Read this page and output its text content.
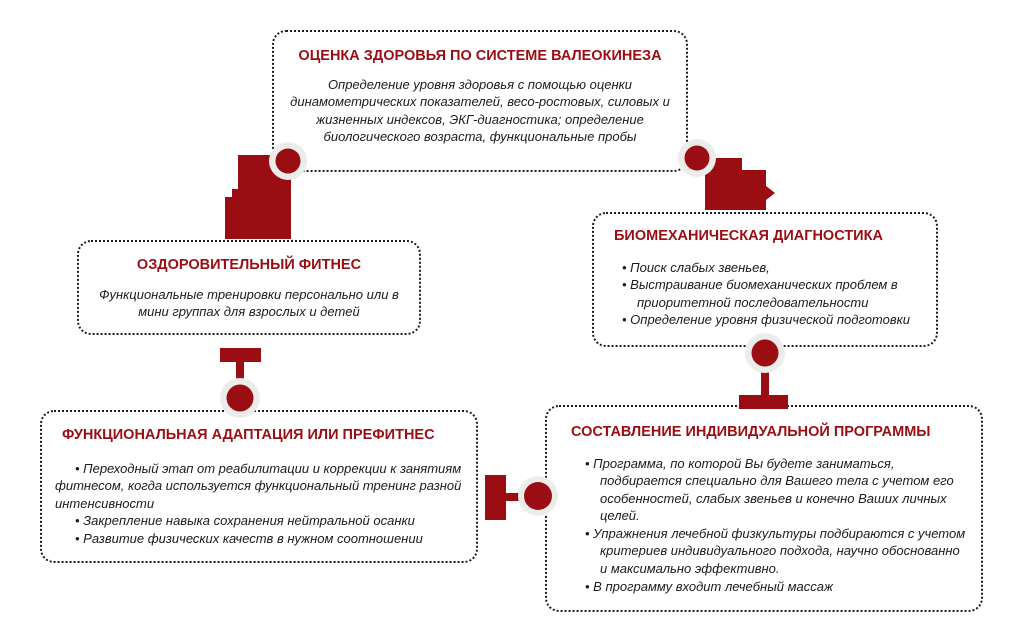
ОЦЕНКА ЗДОРОВЬЯ ПО СИСТЕМЕ ВАЛЕОКИНЕЗА

Определение уровня здоровья с помощью оценки динамометрических показателей, весо-ростовых, силовых и жизненных индексов, ЭКГ-диагностика; определение биологического возраста, функциональные пробы

ОЗДОРОВИТЕЛЬНЫЙ ФИТНЕС

Функциональные тренировки персонально или в мини группах для взрослых и детей

БИОМЕХАНИЧЕСКАЯ ДИАГНОСТИКА
• Поиск слабых звеньев,
• Выстраивание биомеханических проблем в приоритетной последовательности
• Определение уровня физической подготовки
ФУНКЦИОНАЛЬНАЯ АДАПТАЦИЯ ИЛИ ПРЕФИТНЕС
• Переходный этап от реабилитации и коррекции к занятиям фитнесом, когда используется функциональный тренинг разной интенсивности
• Закрепление навыка сохранения нейтральной осанки
• Развитие физических качеств в нужном соотношении
СОСТАВЛЕНИЕ ИНДИВИДУАЛЬНОЙ ПРОГРАММЫ
• Программа, по которой Вы будете заниматься, подбирается специально для Вашего тела с учетом его особенностей, слабых звеньев и конечно Ваших личных целей.
• Упражнения лечебной физкультуры подбираются с учетом критериев индивидуального подхода, научно обоснованно и максимально эффективно.
• В программу входит лечебный массаж
